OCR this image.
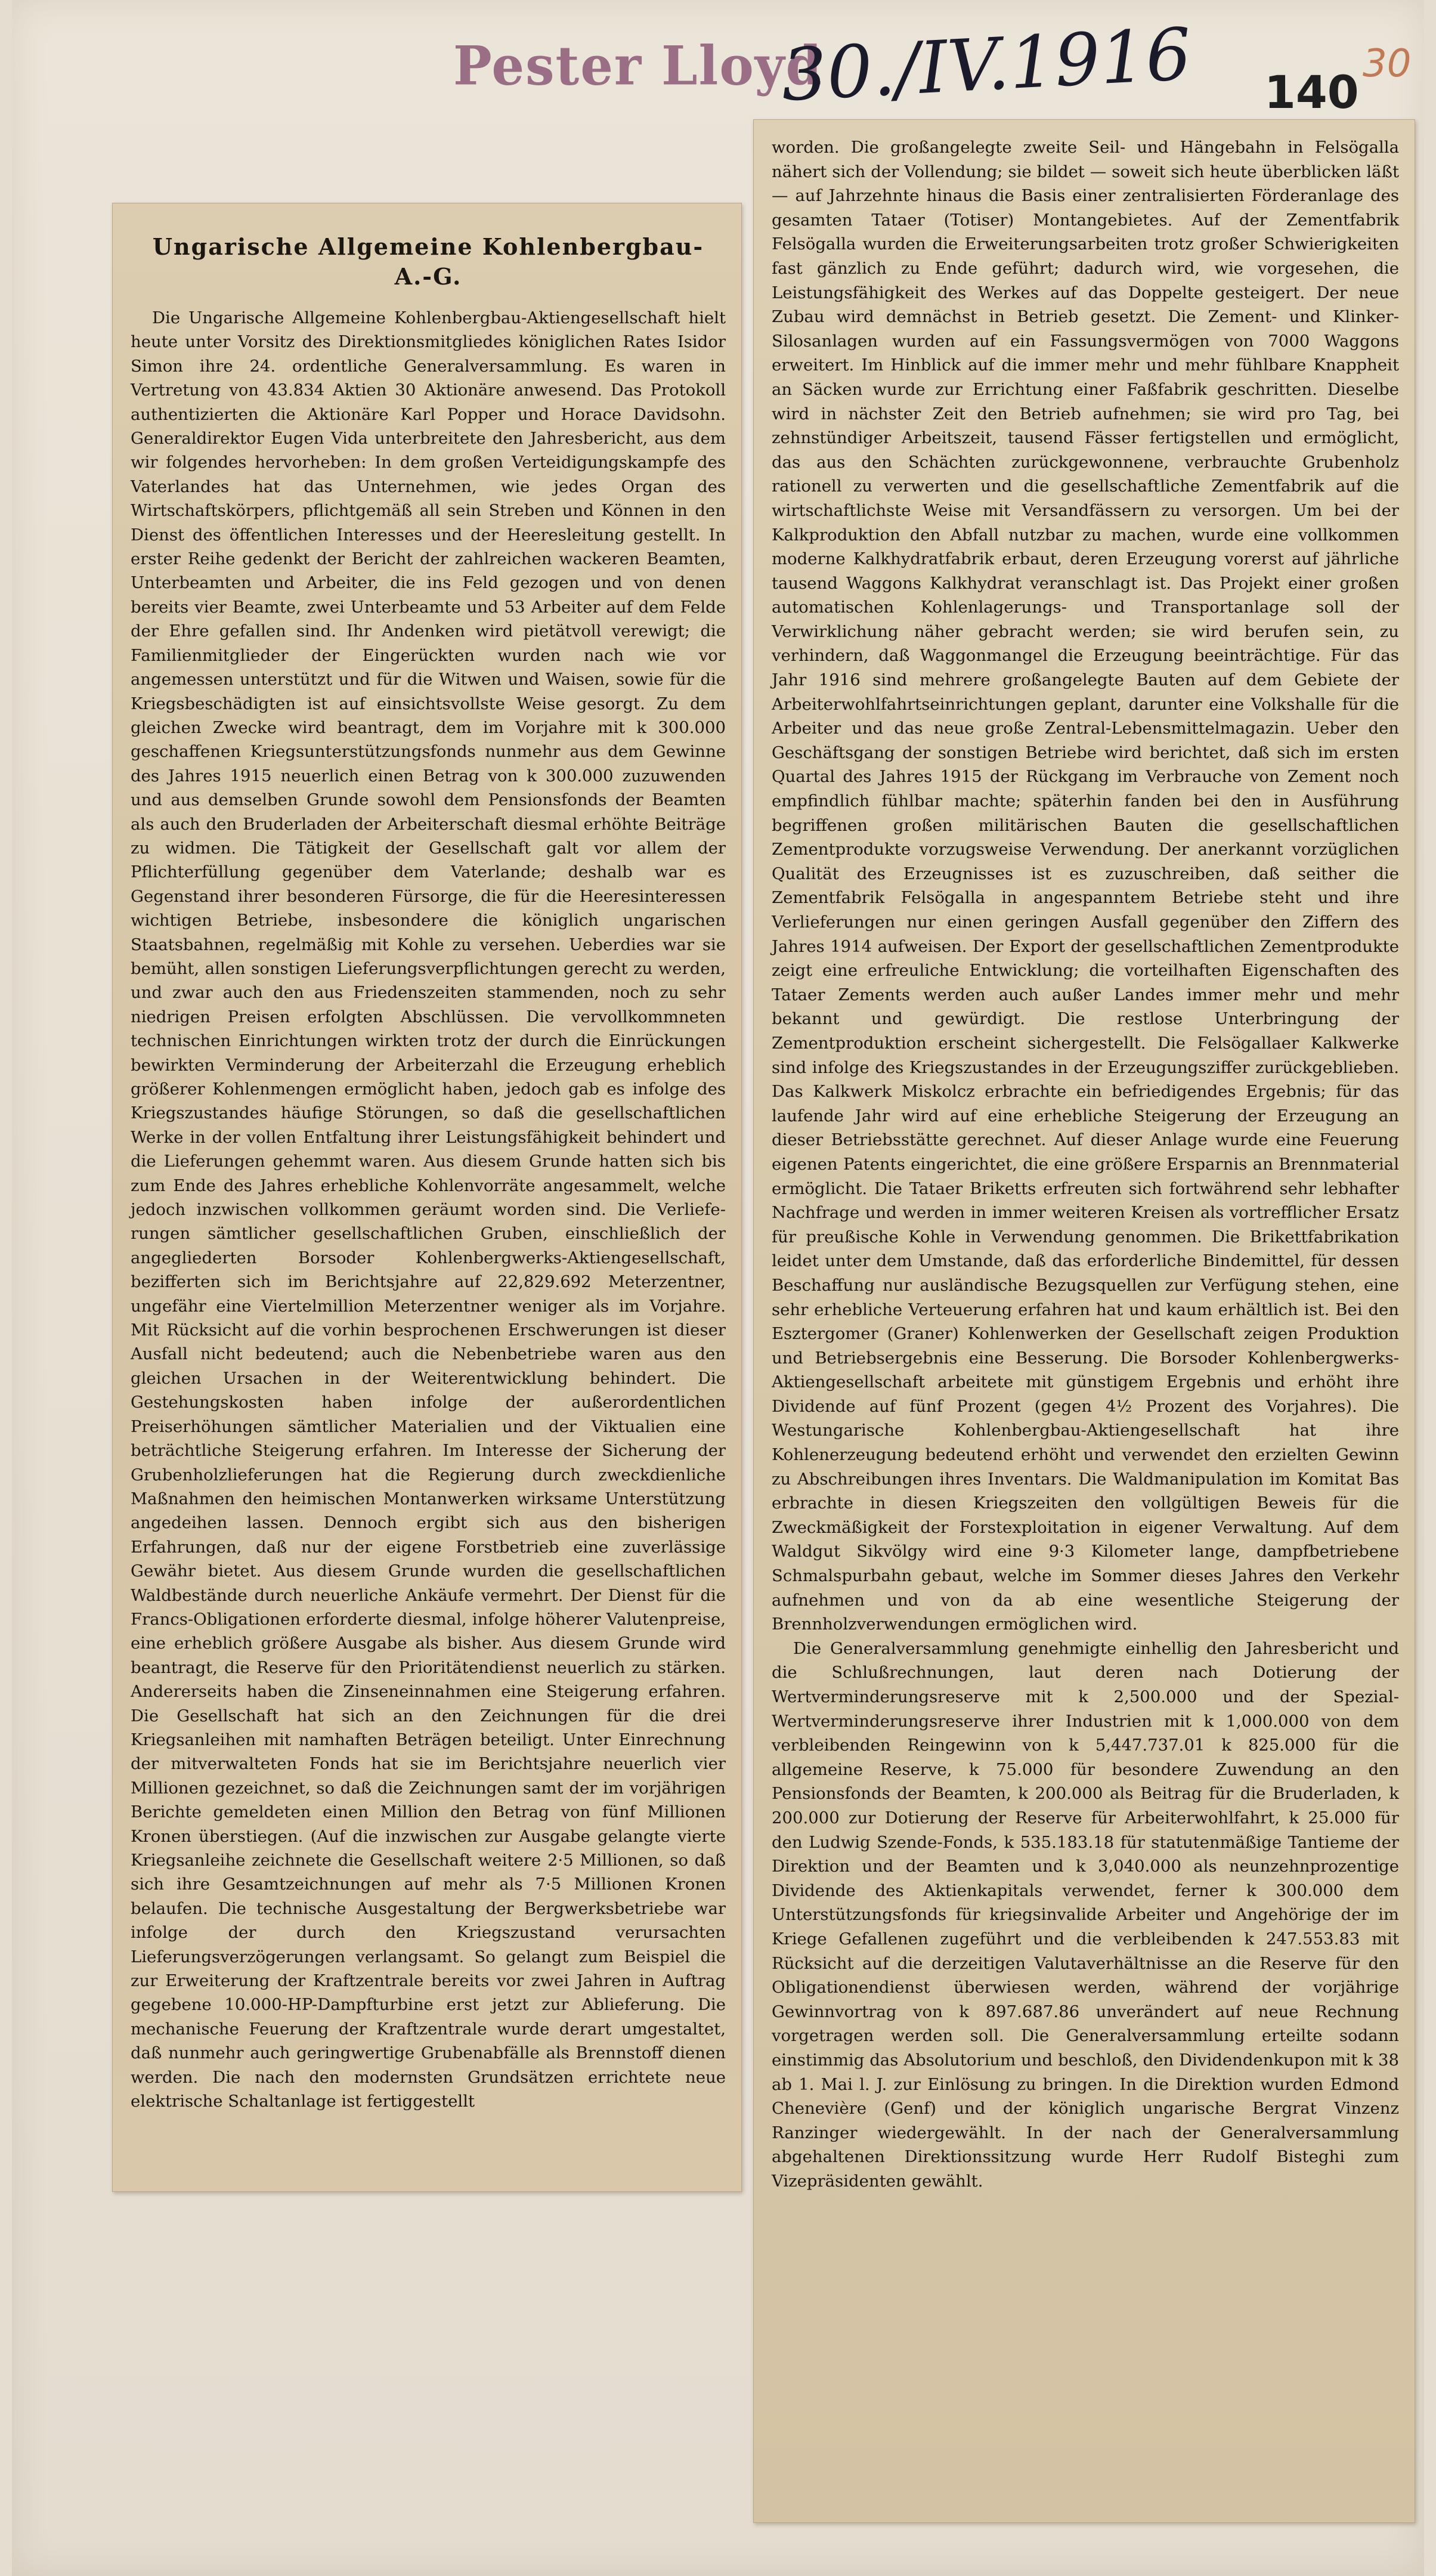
Pester Lloyd
30./IV.1916 140
30
Ungarische Allgemeine Kohlenbergbau-A.-G.

Die Ungarische Allgemeine Kohlenbergbau-Aktiengesellschaft hielt heute unter Vorsitz des Direktionsmitgliedes königlichen Rates Isidor Simon ihre 24. ordentliche Generalversammlung. Es waren in Vertretung von 43.834 Aktien 30 Aktionäre anwesend. Das Protokoll authentizierten die Aktionäre Karl Popper und Horace Davidsohn. Generaldirektor Eugen Vida unterbreitete den Jahresbericht, aus dem wir folgendes hervorheben: In dem großen Verteidigungskampfe des Vaterlandes hat das Unternehmen, wie jedes Organ des Wirtschaftskörpers, pflichtgemäß all sein Streben und Können in den Dienst des öffentlichen Interesses und der Heeresleitung gestellt. In erster Reihe gedenkt der Bericht der zahlreichen wackeren Beamten, Unterbeamten und Arbeiter, die ins Feld gezogen und von denen bereits vier Beamte, zwei Unterbeamte und 53 Arbeiter auf dem Felde der Ehre gefallen sind. Ihr Andenken wird pietätvoll verewigt; die Familienmitglieder der Eingerückten wurden nach wie vor angemessen unterstützt und für die Witwen und Waisen, sowie für die Kriegsbeschädigten ist auf einsichtsvollste Weise gesorgt. Zu dem gleichen Zwecke wird beantragt, dem im Vorjahre mit k 300.000 geschaffenen Kriegsunterstützungsfonds nunmehr aus dem Gewinne des Jahres 1915 neuerlich einen Betrag von k 300.000 zuzuwenden und aus demselben Grunde sowohl dem Pensionsfonds der Beamten als auch den Bruderladen der Arbeiterschaft diesmal erhöhte Beiträge zu widmen. Die Tätigkeit der Gesellschaft galt vor allem der Pflichterfüllung gegenüber dem Vaterlande; deshalb war es Gegenstand ihrer besonderen Fürsorge, die für die Heeresinteressen wichtigen Betriebe, insbesondere die königlich ungarischen Staatsbahnen, regelmäßig mit Kohle zu versehen. Ueberdies war sie bemüht, allen sonstigen Lieferungsverpflichtungen gerecht zu werden, und zwar auch den aus Friedenszeiten stammenden, noch zu sehr niedrigen Preisen erfolgten Abschlüssen. Die vervollkommneten technischen Einrichtungen wirkten trotz der durch die Einrückungen bewirkten Verminderung der Arbeiterzahl die Erzeugung erheblich größerer Kohlenmengen ermöglicht haben, jedoch gab es infolge des Kriegszustandes häufige Störungen, so daß die gesellschaftlichen Werke in der vollen Entfaltung ihrer Leistungsfähigkeit behindert und die Lieferungen gehemmt waren. Aus diesem Grunde hatten sich bis zum Ende des Jahres erhebliche Kohlenvorräte angesammelt, welche jedoch inzwischen vollkommen geräumt worden sind. Die Verliefe-rungen sämtlicher gesellschaftlichen Gruben, einschließlich der angegliederten Borsoder Kohlenbergwerks-Aktiengesellschaft, bezifferten sich im Berichtsjahre auf 22,829.692 Meterzentner, ungefähr eine Viertelmillion Meterzentner weniger als im Vorjahre. Mit Rücksicht auf die vorhin besprochenen Erschwerungen ist dieser Ausfall nicht bedeutend; auch die Nebenbetriebe waren aus den gleichen Ursachen in der Weiterentwicklung behindert. Die Gestehungskosten haben infolge der außerordentlichen Preiserhöhungen sämtlicher Materialien und der Viktualien eine beträchtliche Steigerung erfahren. Im Interesse der Sicherung der Grubenholzlieferungen hat die Regierung durch zweckdienliche Maßnahmen den heimischen Montanwerken wirksame Unterstützung angedeihen lassen. Dennoch ergibt sich aus den bisherigen Erfahrungen, daß nur der eigene Forstbetrieb eine zuverlässige Gewähr bietet. Aus diesem Grunde wurden die gesellschaftlichen Waldbestände durch neuerliche Ankäufe vermehrt. Der Dienst für die Francs-Obligationen erforderte diesmal, infolge höherer Valutenpreise, eine erheblich größere Ausgabe als bisher. Aus diesem Grunde wird beantragt, die Reserve für den Prioritätendienst neuerlich zu stärken. Andererseits haben die Zinseneinnahmen eine Steigerung erfahren. Die Gesellschaft hat sich an den Zeichnungen für die drei Kriegsanleihen mit namhaften Beträgen beteiligt. Unter Einrechnung der mitverwalteten Fonds hat sie im Berichtsjahre neuerlich vier Millionen gezeichnet, so daß die Zeichnungen samt der im vorjährigen Berichte gemeldeten einen Million den Betrag von fünf Millionen Kronen überstiegen. (Auf die inzwischen zur Ausgabe gelangte vierte Kriegsanleihe zeichnete die Gesellschaft weitere 2·5 Millionen, so daß sich ihre Gesamtzeichnungen auf mehr als 7·5 Millionen Kronen belaufen. Die technische Ausgestaltung der Bergwerksbetriebe war infolge der durch den Kriegszustand verursachten Lieferungsverzögerungen verlangsamt. So gelangt zum Beispiel die zur Erweiterung der Kraftzentrale bereits vor zwei Jahren in Auftrag gegebene 10.000-HP-Dampfturbine erst jetzt zur Ablieferung. Die mechanische Feuerung der Kraftzentrale wurde derart umgestaltet, daß nunmehr auch geringwertige Grubenabfälle als Brennstoff dienen werden. Die nach den modernsten Grundsätzen errichtete neue elektrische Schaltanlage ist fertiggestellt

worden. Die großangelegte zweite Seil- und Hängebahn in Felsögalla nähert sich der Vollendung; sie bildet — soweit sich heute überblicken läßt — auf Jahrzehnte hinaus die Basis einer zentralisierten Förderanlage des gesamten Tataer (Totiser) Montangebietes. Auf der Zementfabrik Felsögalla wurden die Erweiterungsarbeiten trotz großer Schwierigkeiten fast gänzlich zu Ende geführt; dadurch wird, wie vorgesehen, die Leistungsfähigkeit des Werkes auf das Doppelte gesteigert. Der neue Zubau wird demnächst in Betrieb gesetzt. Die Zement- und Klinker-Silosanlagen wurden auf ein Fassungsvermögen von 7000 Waggons erweitert. Im Hinblick auf die immer mehr und mehr fühlbare Knappheit an Säcken wurde zur Errichtung einer Faßfabrik geschritten. Dieselbe wird in nächster Zeit den Betrieb aufnehmen; sie wird pro Tag, bei zehnstündiger Arbeitszeit, tausend Fässer fertigstellen und ermöglicht, das aus den Schächten zurückgewonnene, verbrauchte Grubenholz rationell zu verwerten und die gesellschaftliche Zementfabrik auf die wirtschaftlichste Weise mit Versandfässern zu versorgen. Um bei der Kalkproduktion den Abfall nutzbar zu machen, wurde eine vollkommen moderne Kalkhydratfabrik erbaut, deren Erzeugung vorerst auf jährliche tausend Waggons Kalkhydrat veranschlagt ist. Das Projekt einer großen automatischen Kohlenlagerungs- und Transportanlage soll der Verwirklichung näher gebracht werden; sie wird berufen sein, zu verhindern, daß Waggonmangel die Erzeugung beeinträchtige. Für das Jahr 1916 sind mehrere großangelegte Bauten auf dem Gebiete der Arbeiterwohlfahrtseinrichtungen geplant, darunter eine Volkshalle für die Arbeiter und das neue große Zentral-Lebensmittelmagazin. Ueber den Geschäftsgang der sonstigen Betriebe wird berichtet, daß sich im ersten Quartal des Jahres 1915 der Rückgang im Verbrauche von Zement noch empfindlich fühlbar machte; späterhin fanden bei den in Ausführung begriffenen großen militärischen Bauten die gesellschaftlichen Zementprodukte vorzugsweise Verwendung. Der anerkannt vorzüglichen Qualität des Erzeugnisses ist es zuzuschreiben, daß seither die Zementfabrik Felsögalla in angespanntem Betriebe steht und ihre Verlieferungen nur einen geringen Ausfall gegenüber den Ziffern des Jahres 1914 aufweisen. Der Export der gesellschaftlichen Zementprodukte zeigt eine erfreuliche Entwicklung; die vorteilhaften Eigenschaften des Tataer Zements werden auch außer Landes immer mehr und mehr bekannt und gewürdigt. Die restlose Unterbringung der Zementproduktion erscheint sichergestellt. Die Felsögallaer Kalkwerke sind infolge des Kriegszustandes in der Erzeugungsziffer zurückgeblieben. Das Kalkwerk Miskolcz erbrachte ein befriedigendes Ergebnis; für das laufende Jahr wird auf eine erhebliche Steigerung der Erzeugung an dieser Betriebsstätte gerechnet. Auf dieser Anlage wurde eine Feuerung eigenen Patents eingerichtet, die eine größere Ersparnis an Brennmaterial ermöglicht. Die Tataer Briketts erfreuten sich fortwährend sehr lebhafter Nachfrage und werden in immer weiteren Kreisen als vortrefflicher Ersatz für preußische Kohle in Verwendung genommen. Die Brikettfabrikation leidet unter dem Umstande, daß das erforderliche Bindemittel, für dessen Beschaffung nur ausländische Bezugsquellen zur Verfügung stehen, eine sehr erhebliche Verteuerung erfahren hat und kaum erhältlich ist. Bei den Esztergomer (Graner) Kohlenwerken der Gesellschaft zeigen Produktion und Betriebsergebnis eine Besserung. Die Borsoder Kohlenbergwerks-Aktiengesellschaft arbeitete mit günstigem Ergebnis und erhöht ihre Dividende auf fünf Prozent (gegen 4½ Prozent des Vorjahres). Die Westungarische Kohlenbergbau-Aktiengesellschaft hat ihre Kohlenerzeugung bedeutend erhöht und verwendet den erzielten Gewinn zu Abschreibungen ihres Inventars. Die Waldmanipulation im Komitat Bas erbrachte in diesen Kriegszeiten den vollgültigen Beweis für die Zweckmäßigkeit der Forstexploitation in eigener Verwaltung. Auf dem Waldgut Sikvölgy wird eine 9·3 Kilometer lange, dampfbetriebene Schmalspurbahn gebaut, welche im Sommer dieses Jahres den Verkehr aufnehmen und von da ab eine wesentliche Steigerung der Brennholzverwendungen ermöglichen wird.

Die Generalversammlung genehmigte einhellig den Jahresbericht und die Schlußrechnungen, laut deren nach Dotierung der Wertverminderungsreserve mit k 2,500.000 und der Spezial-Wertverminderungsreserve ihrer Industrien mit k 1,000.000 von dem verbleibenden Reingewinn von k 5,447.737.01 k 825.000 für die allgemeine Reserve, k 75.000 für besondere Zuwendung an den Pensionsfonds der Beamten, k 200.000 als Beitrag für die Bruderladen, k 200.000 zur Dotierung der Reserve für Arbeiterwohlfahrt, k 25.000 für den Ludwig Szende-Fonds, k 535.183.18 für statutenmäßige Tantieme der Direktion und der Beamten und k 3,040.000 als neunzehnprozentige Dividende des Aktienkapitals verwendet, ferner k 300.000 dem Unterstützungsfonds für kriegsinvalide Arbeiter und Angehörige der im Kriege Gefallenen zugeführt und die verbleibenden k 247.553.83 mit Rücksicht auf die derzeitigen Valutaverhältnisse an die Reserve für den Obligationendienst überwiesen werden, während der vorjährige Gewinnvortrag von k 897.687.86 unverändert auf neue Rechnung vorgetragen werden soll. Die Generalversammlung erteilte sodann einstimmig das Absolutorium und beschloß, den Dividendenkupon mit k 38 ab 1. Mai l. J. zur Einlösung zu bringen. In die Direktion wurden Edmond Chenevière (Genf) und der königlich ungarische Bergrat Vinzenz Ranzinger wiedergewählt. In der nach der Generalversammlung abgehaltenen Direktionssitzung wurde Herr Rudolf Bisteghi zum Vizepräsidenten gewählt.
